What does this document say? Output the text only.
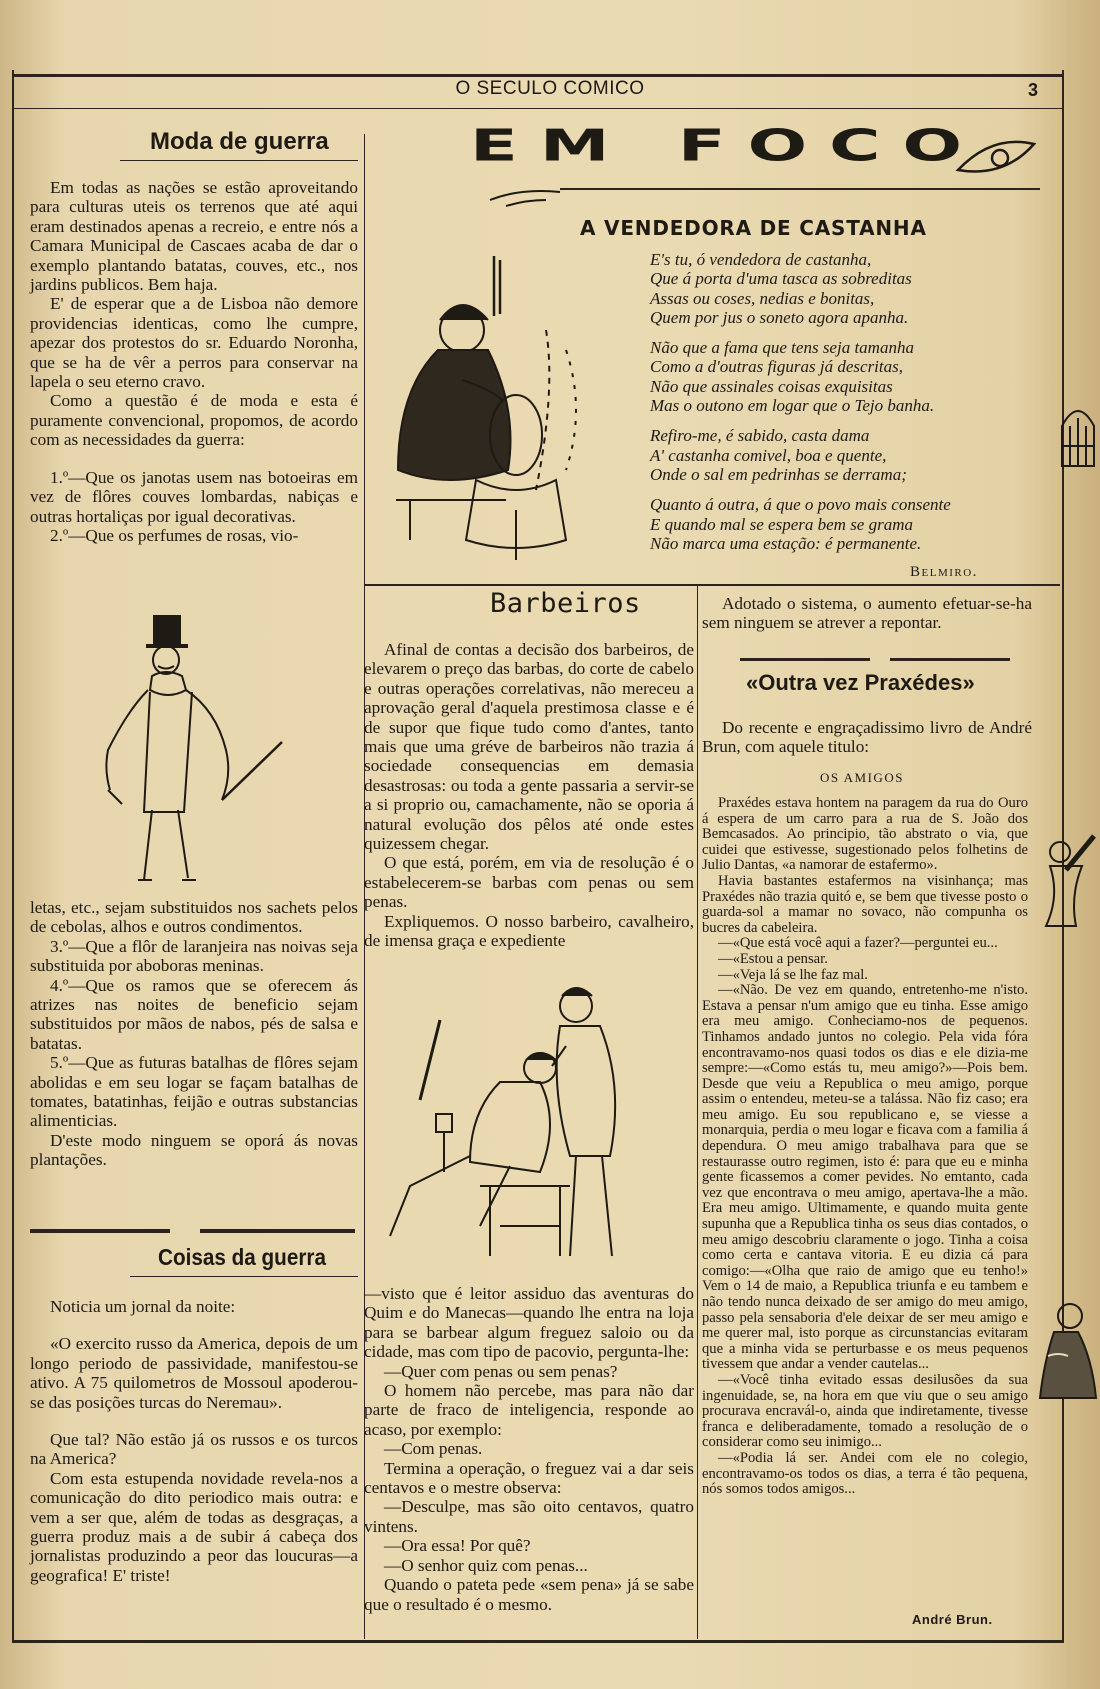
O SECULO COMICO	3
Moda de guerra

Em todas as nações se estão aproveitando para culturas uteis os terrenos que até aqui eram destinados apenas a recreio, e entre nós a Camara Municipal de Cascaes acaba de dar o exemplo plantando batatas, couves, etc., nos jardins publicos. Bem haja.

E' de esperar que a de Lisboa não demore providencias identicas, como lhe cumpre, apezar dos protestos do sr. Eduardo Noronha, que se ha de vêr a perros para conservar na lapela o seu eterno cravo.

Como a questão é de moda e esta é puramente convencional, propomos, de acordo com as necessidades da guerra:

1.º—Que os janotas usem nas botoeiras em vez de flôres couves lombardas, nabiças e outras hortaliças por igual decorativas.

2.º—Que os perfumes de rosas, vio-

letas, etc., sejam substituidos nos sachets pelos de cebolas, alhos e outros condimentos.

3.º—Que a flôr de laranjeira nas noivas seja substituida por aboboras meninas.

4.º—Que os ramos que se oferecem ás atrizes nas noites de beneficio sejam substituidos por mãos de nabos, pés de salsa e batatas.

5.º—Que as futuras batalhas de flôres sejam abolidas e em seu logar se façam batalhas de tomates, batatinhas, feijão e outras substancias alimenticias.

D'este modo ninguem se oporá ás novas plantações.

Coisas da guerra

Noticia um jornal da noite:

«O exercito russo da America, depois de um longo periodo de passividade, manifestou-se ativo. A 75 quilometros de Mossoul apoderou-se das posições turcas do Neremau».

Que tal? Não estão já os russos e os turcos na America?

Com esta estupenda novidade revela-nos a comunicação do dito periodico mais outra: e vem a ser que, além de todas as desgraças, a guerra produz mais a de subir á cabeça dos jornalistas produzindo a peor das loucuras—a geografica! E' triste!

EM FOCO
A VENDEDORA DE CASTANHA

E's tu, ó vendedora de castanha,
Que á porta d'uma tasca as sobreditas
Assas ou coses, nedias e bonitas,
Quem por jus o soneto agora apanha.

Não que a fama que tens seja tamanha
Como a d'outras figuras já descritas,
Não que assinales coisas exquisitas
Mas o outono em logar que o Tejo banha.

Refiro-me, é sabido, casta dama
A' castanha comivel, boa e quente,
Onde o sal em pedrinhas se derrama;

Quanto á outra, á que o povo mais consente
E quando mal se espera bem se grama
Não marca uma estação: é permanente.

Belmiro.
Barbeiros

Afinal de contas a decisão dos barbeiros, de elevarem o preço das barbas, do corte de cabelo e outras operações correlativas, não mereceu a aprovação geral d'aquela prestimosa classe e é de supor que fique tudo como d'antes, tanto mais que uma gréve de barbeiros não trazia á sociedade consequencias em demasia desastrosas: ou toda a gente passaria a servir-se a si proprio ou, camachamente, não se oporia á natural evolução dos pêlos até onde estes quizessem chegar.

O que está, porém, em via de resolução é o estabelecerem-se barbas com penas ou sem penas.

Expliquemos. O nosso barbeiro, cavalheiro, de imensa graça e expediente

—visto que é leitor assiduo das aventuras do Quim e do Manecas—quando lhe entra na loja para se barbear algum freguez saloio ou da cidade, mas com tipo de pacovio, pergunta-lhe:

—Quer com penas ou sem penas?

O homem não percebe, mas para não dar parte de fraco de inteligencia, responde ao acaso, por exemplo:

—Com penas.

Termina a operação, o freguez vai a dar seis centavos e o mestre observa:

—Desculpe, mas são oito centavos, quatro vintens.

—Ora essa! Por quê?

—O senhor quiz com penas...

Quando o pateta pede «sem pena» já se sabe que o resultado é o mesmo.

Adotado o sistema, o aumento efetuar-se-ha sem ninguem se atrever a repontar.

«Outra vez Praxédes»

Do recente e engraçadissimo livro de André Brun, com aquele titulo:

OS AMIGOS

Praxédes estava hontem na paragem da rua do Ouro á espera de um carro para a rua de S. João dos Bemcasados. Ao principio, tão abstrato o via, que cuidei que estivesse, sugestionado pelos folhetins de Julio Dantas, «a namorar de estafermo».

Havia bastantes estafermos na visinhança; mas Praxédes não trazia quitó e, se bem que tivesse posto o guarda-sol a mamar no sovaco, não compunha os bucres da cabeleira.

—«Que está você aqui a fazer?—perguntei eu...

—«Estou a pensar.

—«Veja lá se lhe faz mal.

—«Não. De vez em quando, entretenho-me n'isto. Estava a pensar n'um amigo que eu tinha. Esse amigo era meu amigo. Conheciamo-nos de pequenos. Tinhamos andado juntos no colegio. Pela vida fóra encontravamo-nos quasi todos os dias e ele dizia-me sempre:—«Como estás tu, meu amigo?»—Pois bem. Desde que veiu a Republica o meu amigo, porque assim o entendeu, meteu-se a talássa. Não fiz caso; era meu amigo. Eu sou republicano e, se viesse a monarquia, perdia o meu logar e ficava com a familia á dependura. O meu amigo trabalhava para que se restaurasse outro regimen, isto é: para que eu e minha gente ficassemos a comer pevides. No emtanto, cada vez que encontrava o meu amigo, apertava-lhe a mão. Era meu amigo. Ultimamente, e quando muita gente supunha que a Republica tinha os seus dias contados, o meu amigo descobriu claramente o jogo. Tinha a coisa como certa e cantava vitoria. E eu dizia cá para comigo:—«Olha que raio de amigo que eu tenho!» Vem o 14 de maio, a Republica triunfa e eu tambem e não tendo nunca deixado de ser amigo do meu amigo, passo pela sensaboria d'ele deixar de ser meu amigo e me querer mal, isto porque as circunstancias evitaram que a minha vida se perturbasse e os meus pequenos tivessem que andar a vender cautelas...

—«Você tinha evitado essas desilusões da sua ingenuidade, se, na hora em que viu que o seu amigo procurava encravál-o, ainda que indiretamente, tivesse franca e deliberadamente, tomado a resolução de o considerar como seu inimigo...

—«Podia lá ser. Andei com ele no colegio, encontravamo-os todos os dias, a terra é tão pequena, nós somos todos amigos...

André Brun.
